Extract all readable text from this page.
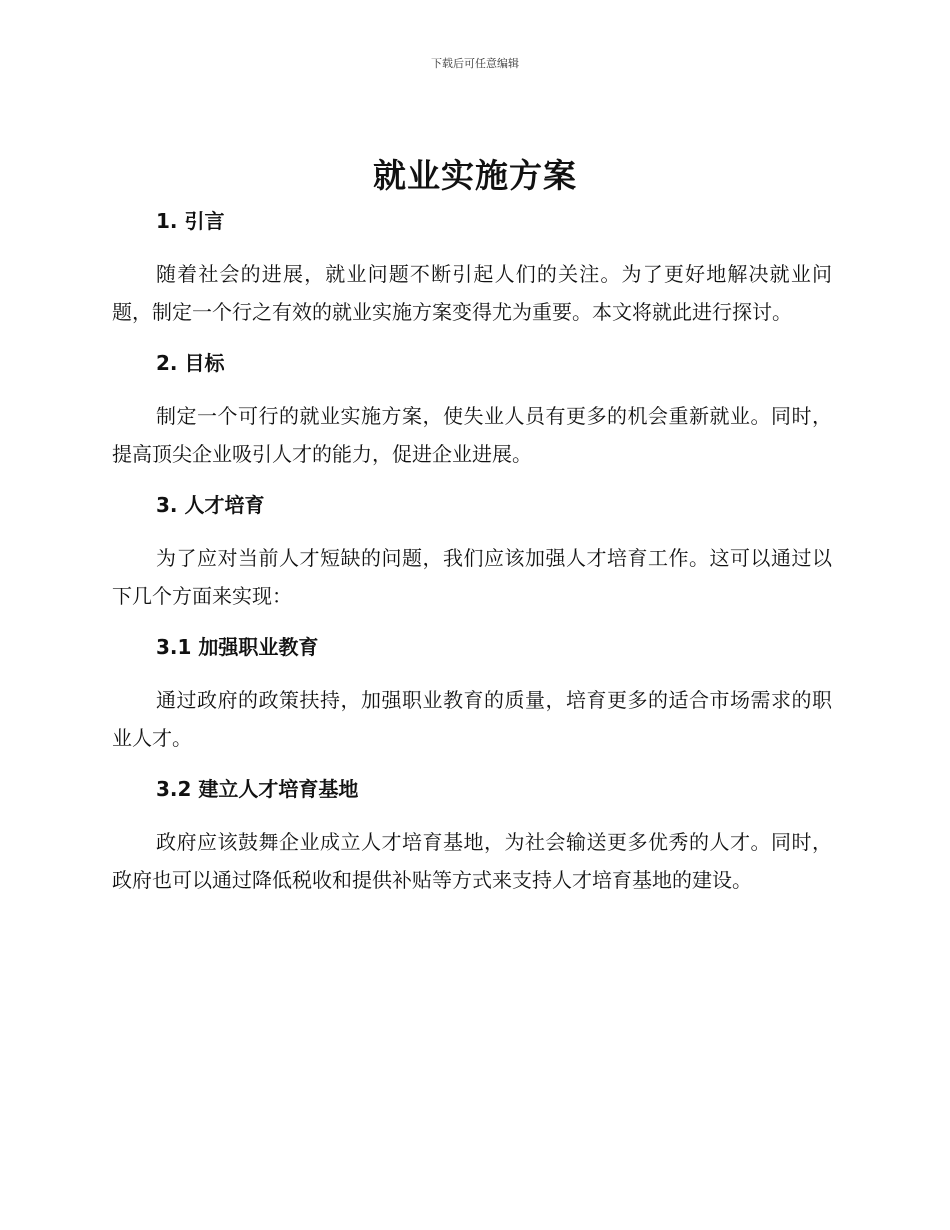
下载后可任意编辑
就业实施方案
1. 引言

随着社会的进展，就业问题不断引起人们的关注。为了更好地解决就业问题，制定一个行之有效的就业实施方案变得尤为重要。本文将就此进行探讨。

2. 目标

制定一个可行的就业实施方案，使失业人员有更多的机会重新就业。同时，提高顶尖企业吸引人才的能力，促进企业进展。

3. 人才培育

为了应对当前人才短缺的问题，我们应该加强人才培育工作。这可以通过以下几个方面来实现：

3.1 加强职业教育

通过政府的政策扶持，加强职业教育的质量，培育更多的适合市场需求的职业人才。

3.2 建立人才培育基地

政府应该鼓舞企业成立人才培育基地，为社会输送更多优秀的人才。同时，政府也可以通过降低税收和提供补贴等方式来支持人才培育基地的建设。
